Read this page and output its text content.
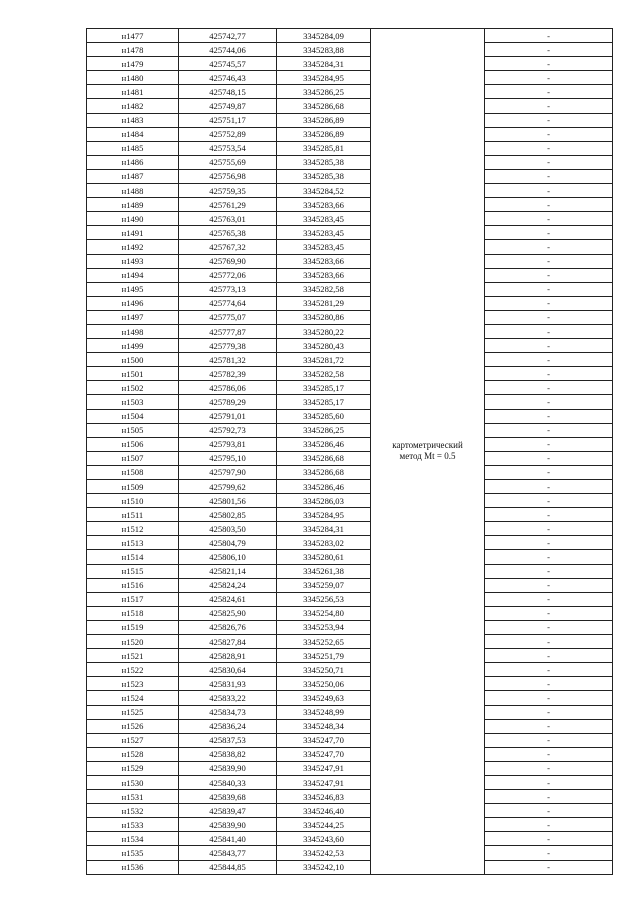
н1477	425742,77	3345284,09	картометрический
метод Mt = 0.5	-
н1478	425744,06	3345283,88		-
н1479	425745,57	3345284,31		-
н1480	425746,43	3345284,95		-
н1481	425748,15	3345286,25		-
н1482	425749,87	3345286,68		-
н1483	425751,17	3345286,89		-
н1484	425752,89	3345286,89		-
н1485	425753,54	3345285,81		-
н1486	425755,69	3345285,38		-
н1487	425756,98	3345285,38		-
н1488	425759,35	3345284,52		-
н1489	425761,29	3345283,66		-
н1490	425763,01	3345283,45		-
н1491	425765,38	3345283,45		-
н1492	425767,32	3345283,45		-
н1493	425769,90	3345283,66		-
н1494	425772,06	3345283,66		-
н1495	425773,13	3345282,58		-
н1496	425774,64	3345281,29		-
н1497	425775,07	3345280,86		-
н1498	425777,87	3345280,22		-
н1499	425779,38	3345280,43		-
н1500	425781,32	3345281,72		-
н1501	425782,39	3345282,58		-
н1502	425786,06	3345285,17		-
н1503	425789,29	3345285,17		-
н1504	425791,01	3345285,60		-
н1505	425792,73	3345286,25		-
н1506	425793,81	3345286,46		-
н1507	425795,10	3345286,68		-
н1508	425797,90	3345286,68		-
н1509	425799,62	3345286,46		-
н1510	425801,56	3345286,03		-
н1511	425802,85	3345284,95		-
н1512	425803,50	3345284,31		-
н1513	425804,79	3345283,02		-
н1514	425806,10	3345280,61		-
н1515	425821,14	3345261,38		-
н1516	425824,24	3345259,07		-
н1517	425824,61	3345256,53		-
н1518	425825,90	3345254,80		-
н1519	425826,76	3345253,94		-
н1520	425827,84	3345252,65		-
н1521	425828,91	3345251,79		-
н1522	425830,64	3345250,71		-
н1523	425831,93	3345250,06		-
н1524	425833,22	3345249,63		-
н1525	425834,73	3345248,99		-
н1526	425836,24	3345248,34		-
н1527	425837,53	3345247,70		-
н1528	425838,82	3345247,70		-
н1529	425839,90	3345247,91		-
н1530	425840,33	3345247,91		-
н1531	425839,68	3345246,83		-
н1532	425839,47	3345246,40		-
н1533	425839,90	3345244,25		-
н1534	425841,40	3345243,60		-
н1535	425843,77	3345242,53		-
н1536	425844,85	3345242,10		-
